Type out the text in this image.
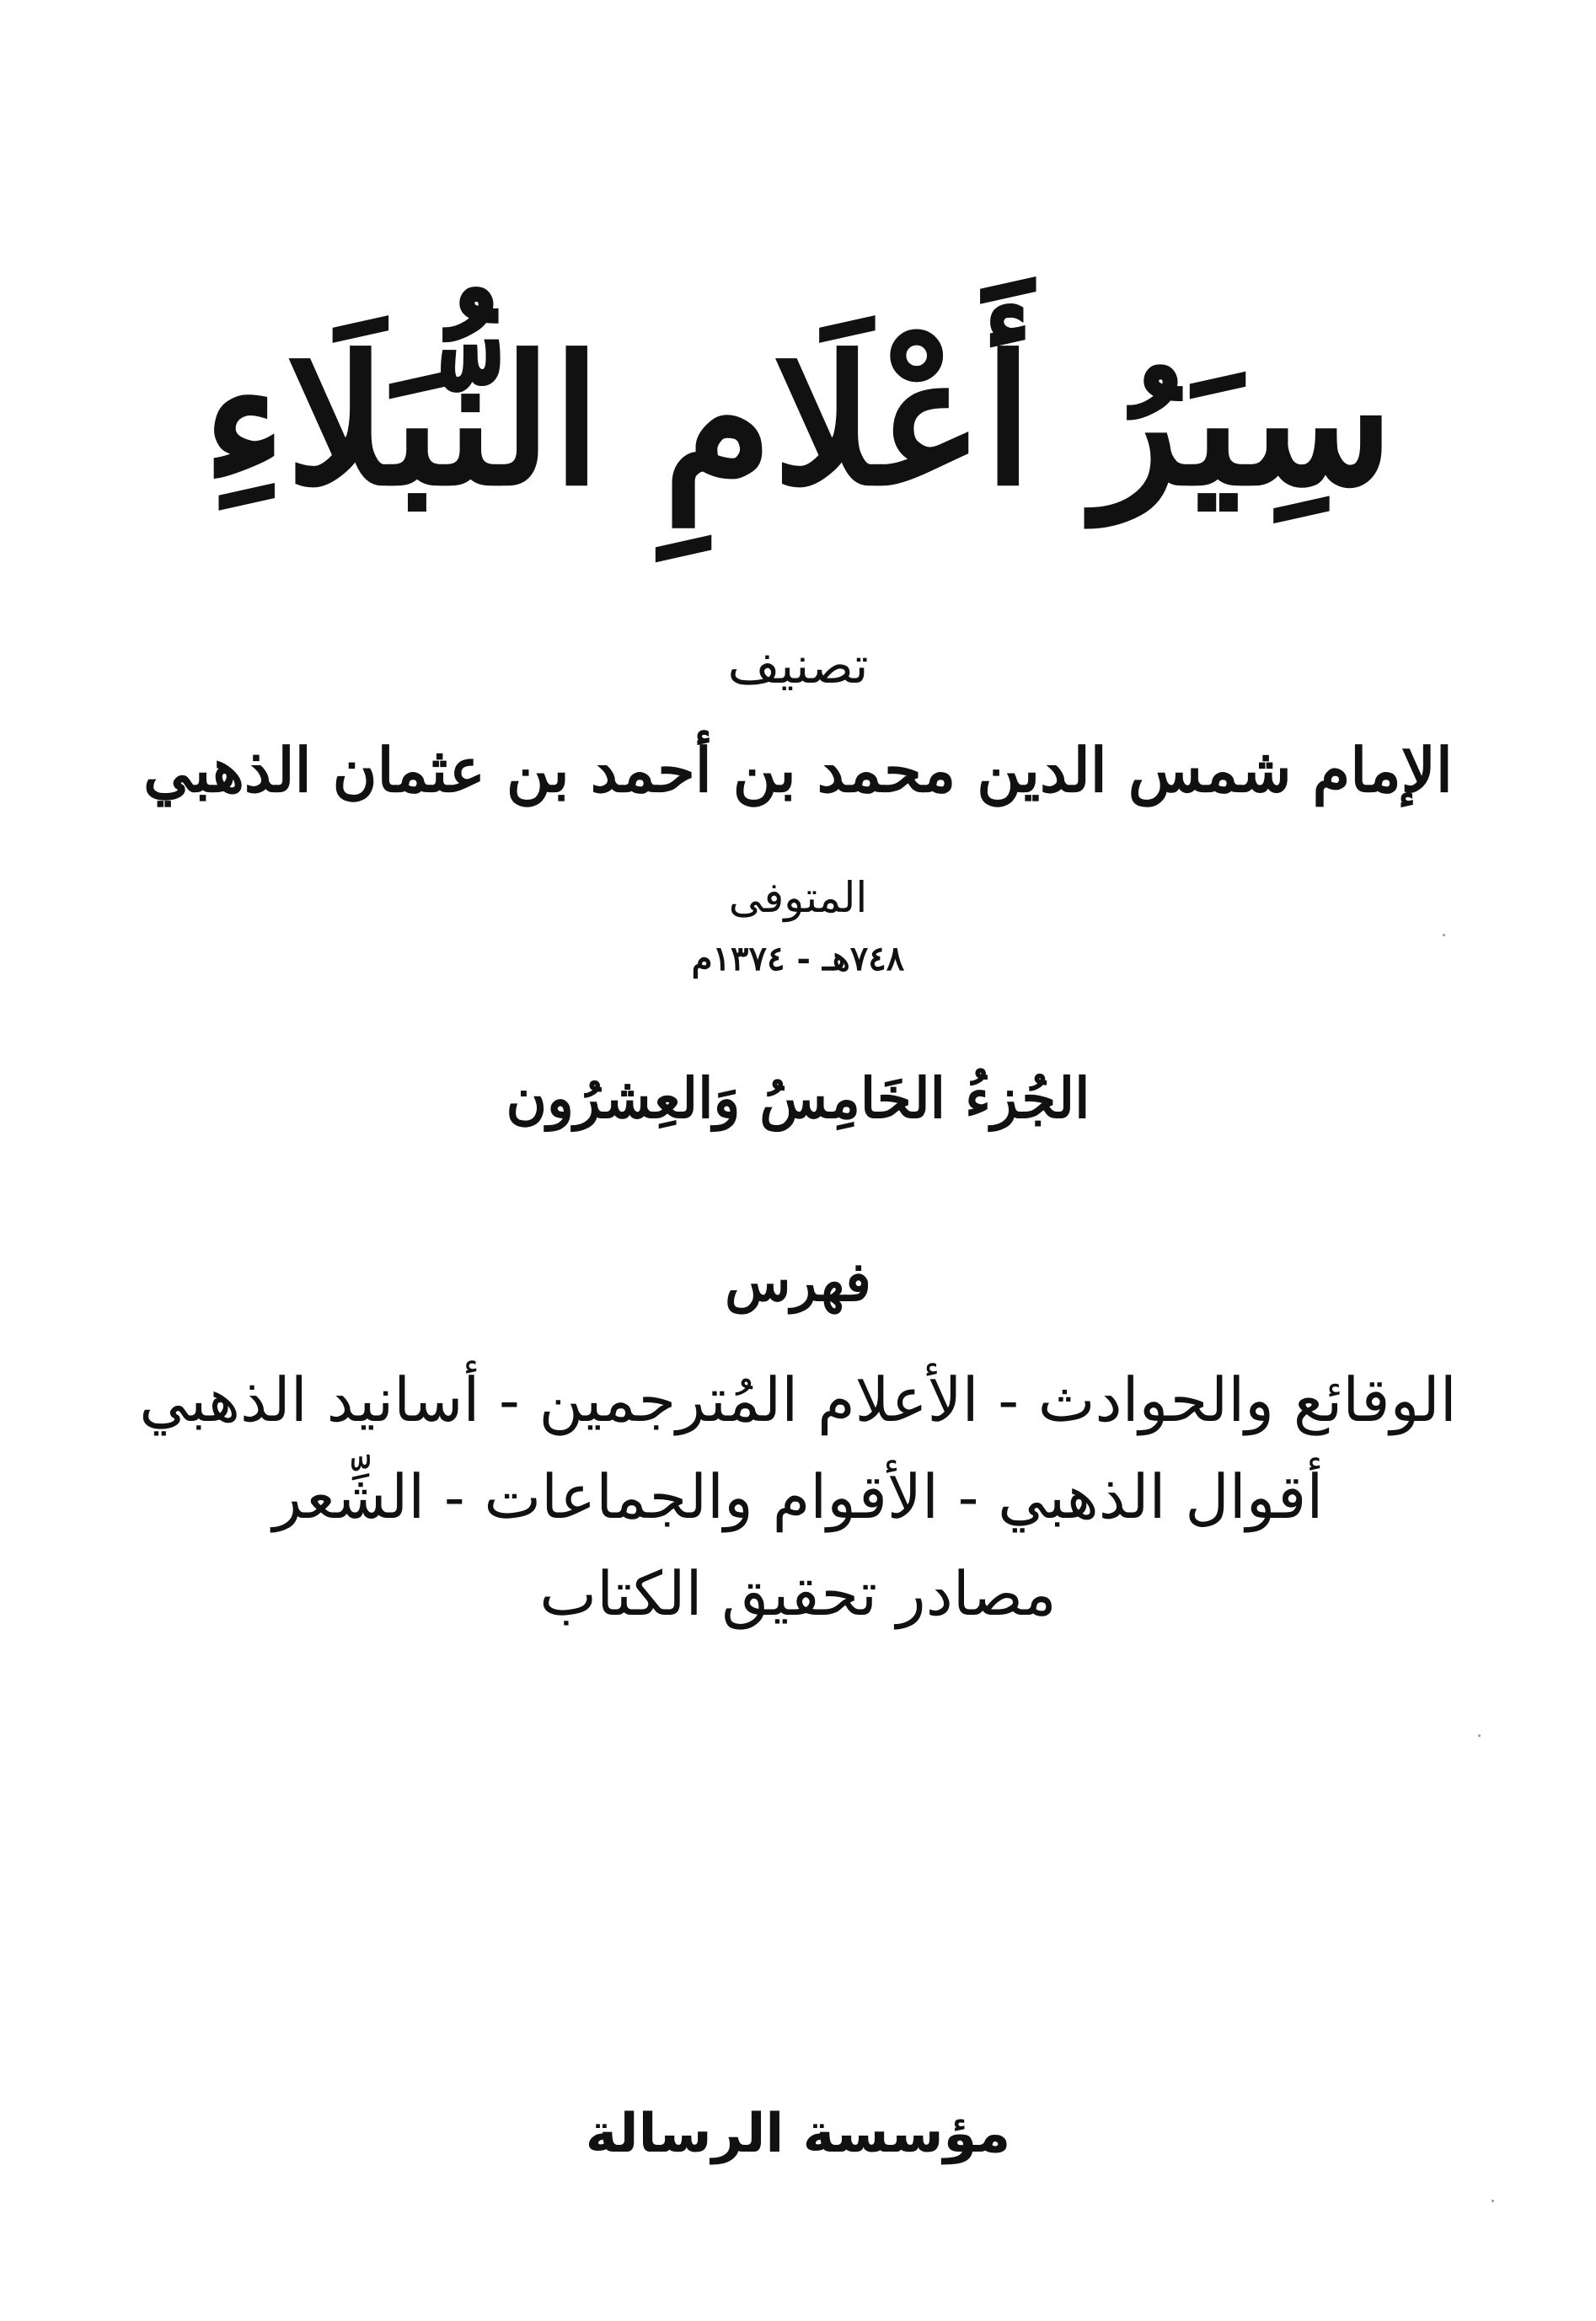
سِيَرُ أَعْلَامِ النُّبَلَاءِ
تصنيف
الإمام شمس الدين محمد بن أحمد بن عثمان الذهبي
المتوفى
٧٤٨هـ - ١٣٧٤م
الجُزءُ الخَامِسُ وَالعِشرُون
فهرس
الوقائع والحوادث - الأعلام المُترجمين - أسانيد الذهبي
أقوال الذهبي - الأقوام والجماعات - الشِّعر
مصادر تحقيق الكتاب
مؤسسة الرسالة
